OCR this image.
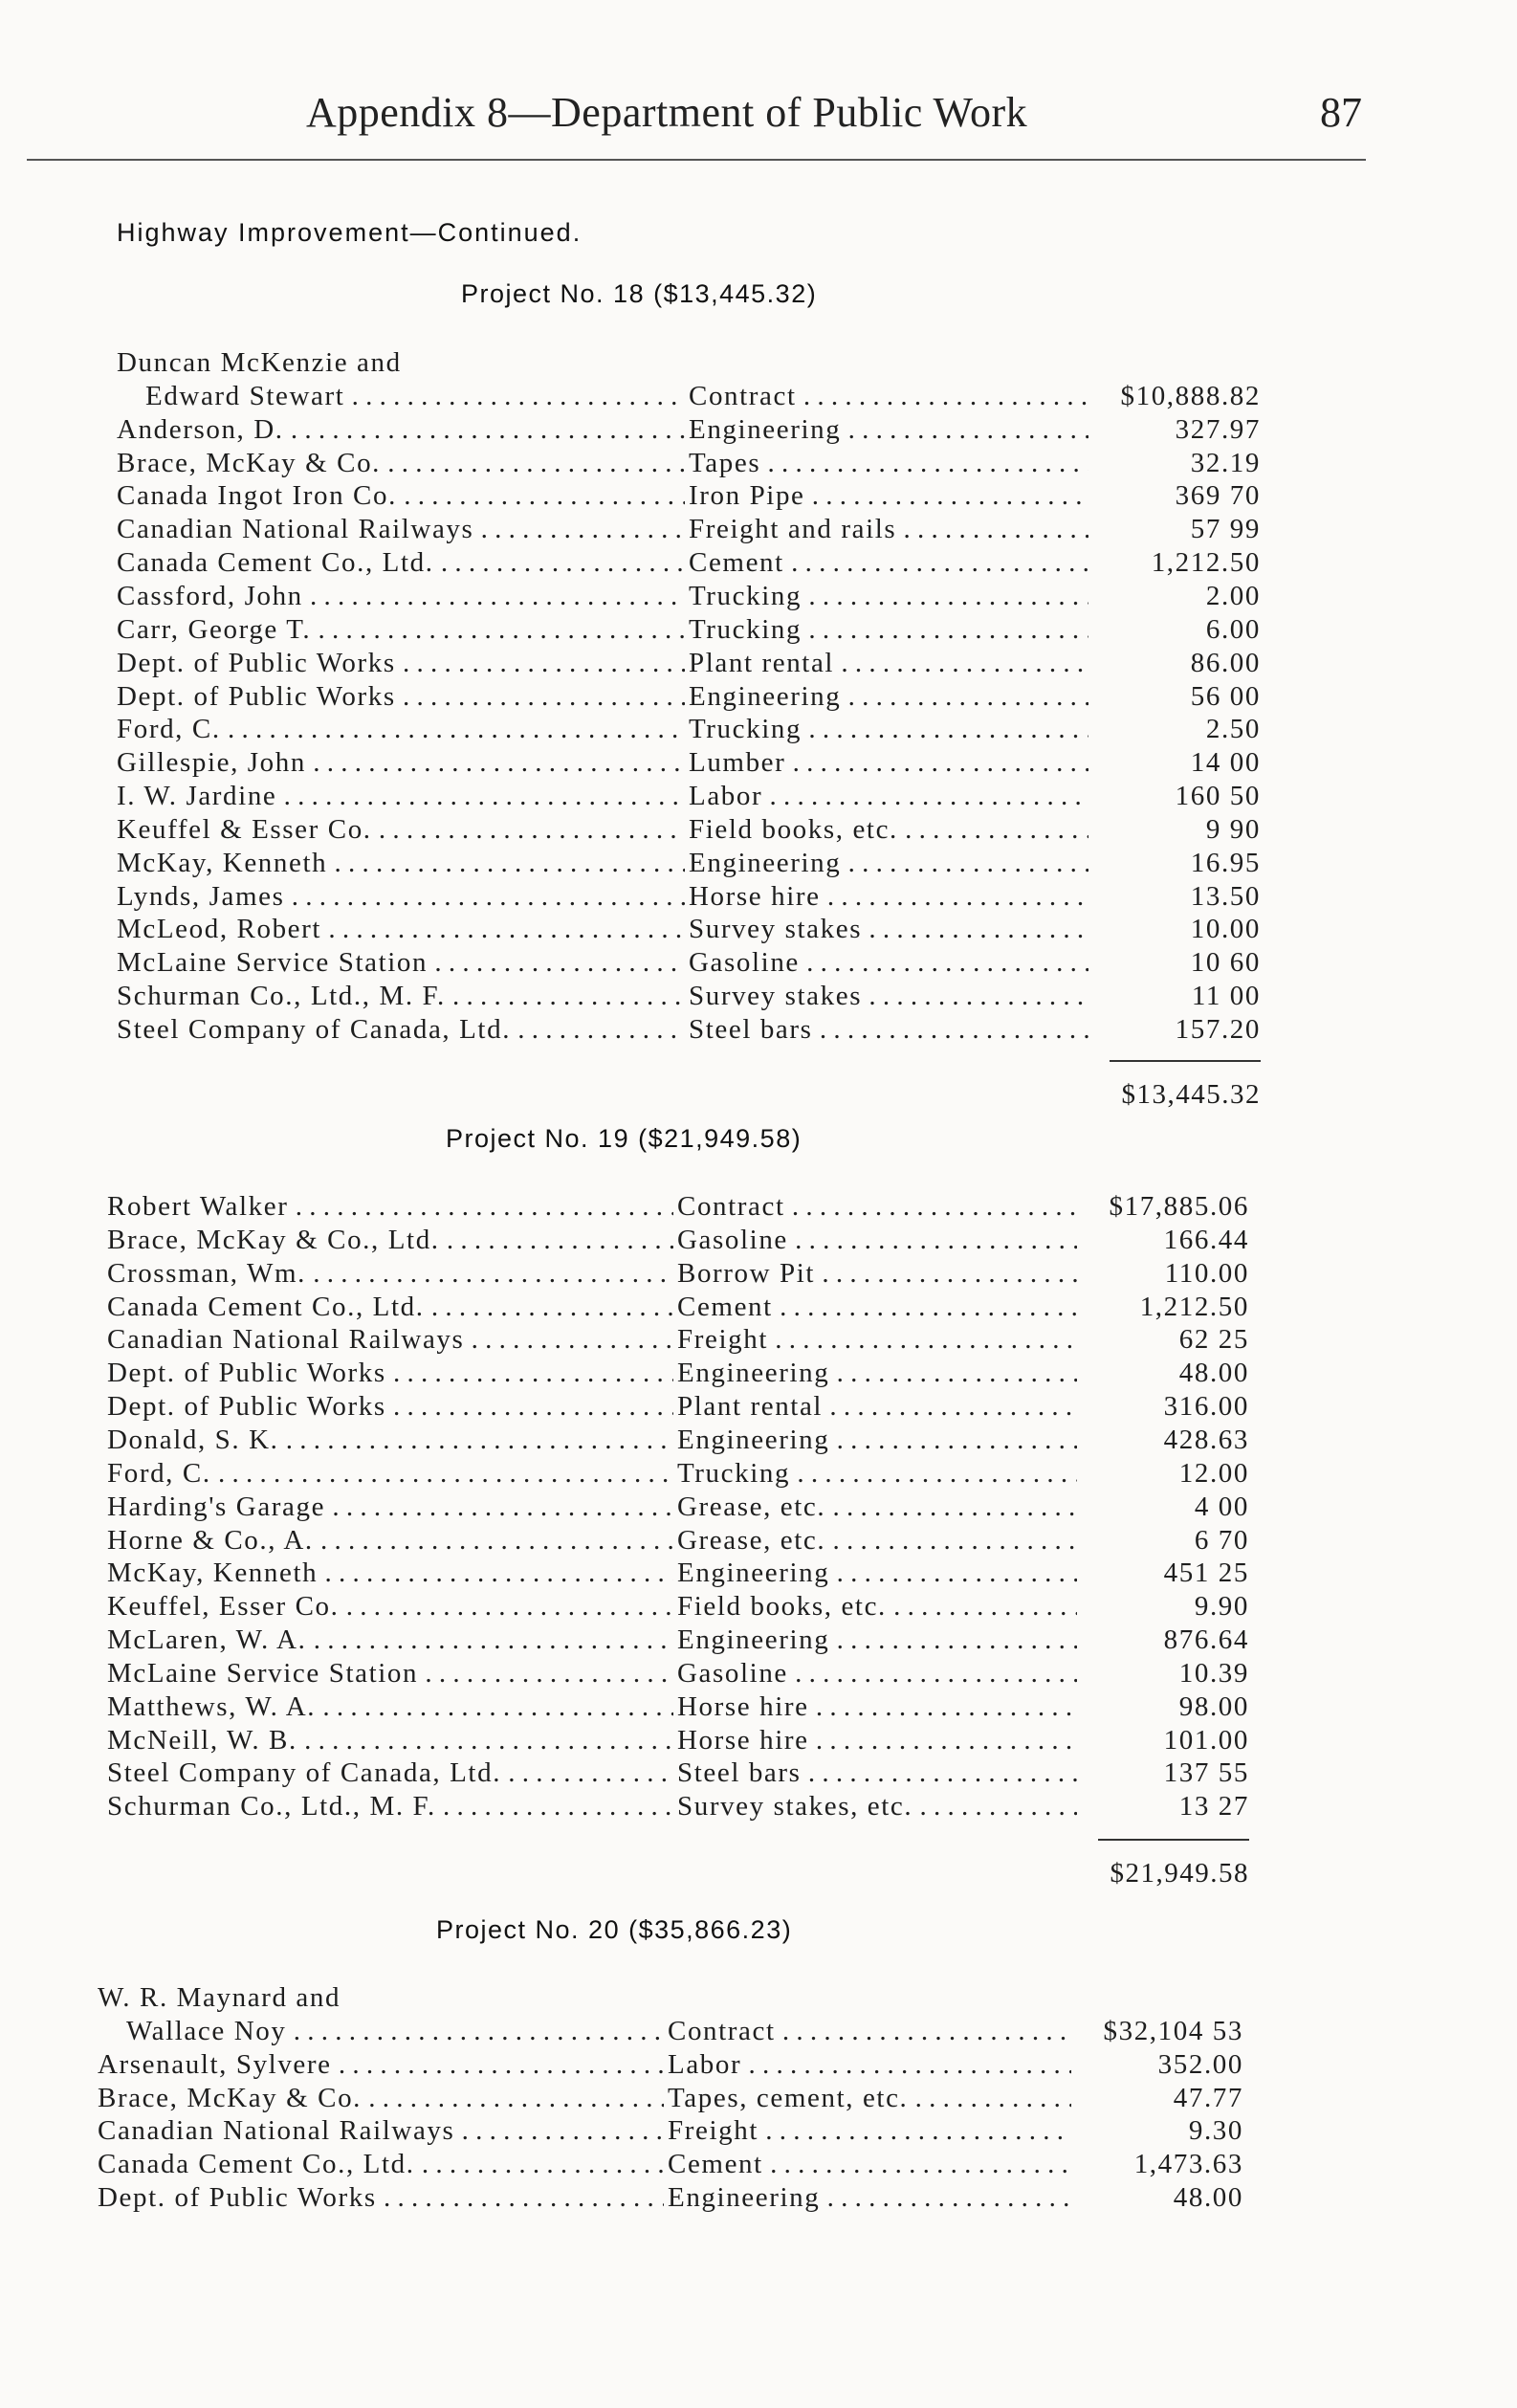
Appendix 8—Department of Public Work	87
Highway Improvement—Continued.
Project No. 18 ($13,445.32)
Duncan McKenzie and
Edward Stewart . . .	Contract . . .	$10,888.82
Anderson, D. . . .	Engineering . . .	327.97
Brace, McKay & Co. . . .	Tapes . . .	32.19
Canada Ingot Iron Co. . . .	Iron Pipe . . .	369 70
Canadian National Railways . . .	Freight and rails . . .	57 99
Canada Cement Co., Ltd. . . .	Cement . . .	1,212.50
Cassford, John . . .	Trucking . . .	2.00
Carr, George T. . . .	Trucking . . .	6.00
Dept. of Public Works . . .	Plant rental . . .	86.00
Dept. of Public Works . . .	Engineering . . .	56 00
Ford, C. . . .	Trucking . . .	2.50
Gillespie, John . . .	Lumber . . .	14 00
I. W. Jardine . . .	Labor . . .	160 50
Keuffel & Esser Co. . . .	Field books, etc. . . .	9 90
McKay, Kenneth . . .	Engineering . . .	16.95
Lynds, James . . .	Horse hire . . .	13.50
McLeod, Robert . . .	Survey stakes . . .	10.00
McLaine Service Station . . .	Gasoline . . .	10 60
Schurman Co., Ltd., M. F. . . .	Survey stakes . . .	11 00
Steel Company of Canada, Ltd. . . .	Steel bars . . .	157.20
$13,445.32
Project No. 19 ($21,949.58)
Robert Walker . . .	Contract . . .	$17,885.06
Brace, McKay & Co., Ltd. . . .	Gasoline . . .	166.44
Crossman, Wm. . . .	Borrow Pit . . .	110.00
Canada Cement Co., Ltd. . . .	Cement . . .	1,212.50
Canadian National Railways . . .	Freight . . .	62 25
Dept. of Public Works . . .	Engineering . . .	48.00
Dept. of Public Works . . .	Plant rental . . .	316.00
Donald, S. K. . . .	Engineering . . .	428.63
Ford, C. . . .	Trucking . . .	12.00
Harding's Garage . . .	Grease, etc. . . .	4 00
Horne & Co., A. . . .	Grease, etc. . . .	6 70
McKay, Kenneth . . .	Engineering . . .	451 25
Keuffel, Esser Co. . . .	Field books, etc. . . .	9.90
McLaren, W. A. . . .	Engineering . . .	876.64
McLaine Service Station . . .	Gasoline . . .	10.39
Matthews, W. A. . . .	Horse hire . . .	98.00
McNeill, W. B. . . .	Horse hire . . .	101.00
Steel Company of Canada, Ltd. . . .	Steel bars . . .	137 55
Schurman Co., Ltd., M. F. . . .	Survey stakes, etc. . . .	13 27
$21,949.58
Project No. 20 ($35,866.23)
W. R. Maynard and
Wallace Noy . . .	Contract . . .	$32,104 53
Arsenault, Sylvere . . .	Labor . . .	352.00
Brace, McKay & Co. . . .	Tapes, cement, etc. . . .	47.77
Canadian National Railways . . .	Freight . . .	9.30
Canada Cement Co., Ltd. . . .	Cement . . .	1,473.63
Dept. of Public Works . . .	Engineering . . .	48.00
